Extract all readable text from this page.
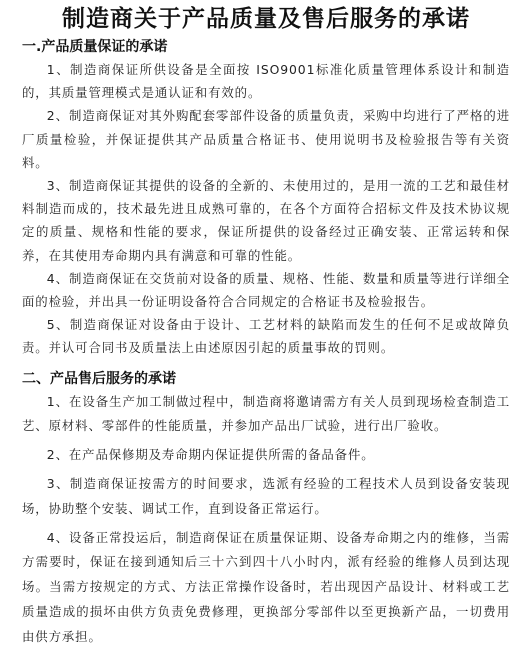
制造商关于产品质量及售后服务的承诺
一.产品质量保证的承诺

1、制造商保证所供设备是全面按 ISO9001标准化质量管理体系设计和制造的，其质量管理模式是通认证和有效的。

2、制造商保证对其外购配套零部件设备的质量负责，采购中均进行了严格的进厂质量检验，并保证提供其产品质量合格证书、使用说明书及检验报告等有关资料。

3、制造商保证其提供的设备的全新的、未使用过的，是用一流的工艺和最佳材料制造而成的，技术最先进且成熟可靠的，在各个方面符合招标文件及技术协议规定的质量、规格和性能的要求，保证所提供的设备经过正确安装、正常运转和保养，在其使用寿命期内具有满意和可靠的性能。

4、制造商保证在交货前对设备的质量、规格、性能、数量和质量等进行详细全面的检验，并出具一份证明设备符合合同规定的合格证书及检验报告。

5、制造商保证对设备由于设计、工艺材料的缺陷而发生的任何不足或故障负责。并认可合同书及质量法上由述原因引起的质量事故的罚则。

二、产品售后服务的承诺

1、在设备生产加工制做过程中，制造商将邀请需方有关人员到现场检查制造工艺、原材料、零部件的性能质量，并参加产品出厂试验，进行出厂验收。

2、在产品保修期及寿命期内保证提供所需的备品备件。

3、制造商保证按需方的时间要求，选派有经验的工程技术人员到设备安装现场，协助整个安装、调试工作，直到设备正常运行。

4、设备正常投运后，制造商保证在质量保证期、设备寿命期之内的维修，当需方需要时，保证在接到通知后三十六到四十八小时内，派有经验的维修人员到达现场。当需方按规定的方式、方法正常操作设备时，若出现因产品设计、材料或工艺质量造成的损坏由供方负责免费修理，更换部分零部件以至更换新产品，一切费用由供方承担。
